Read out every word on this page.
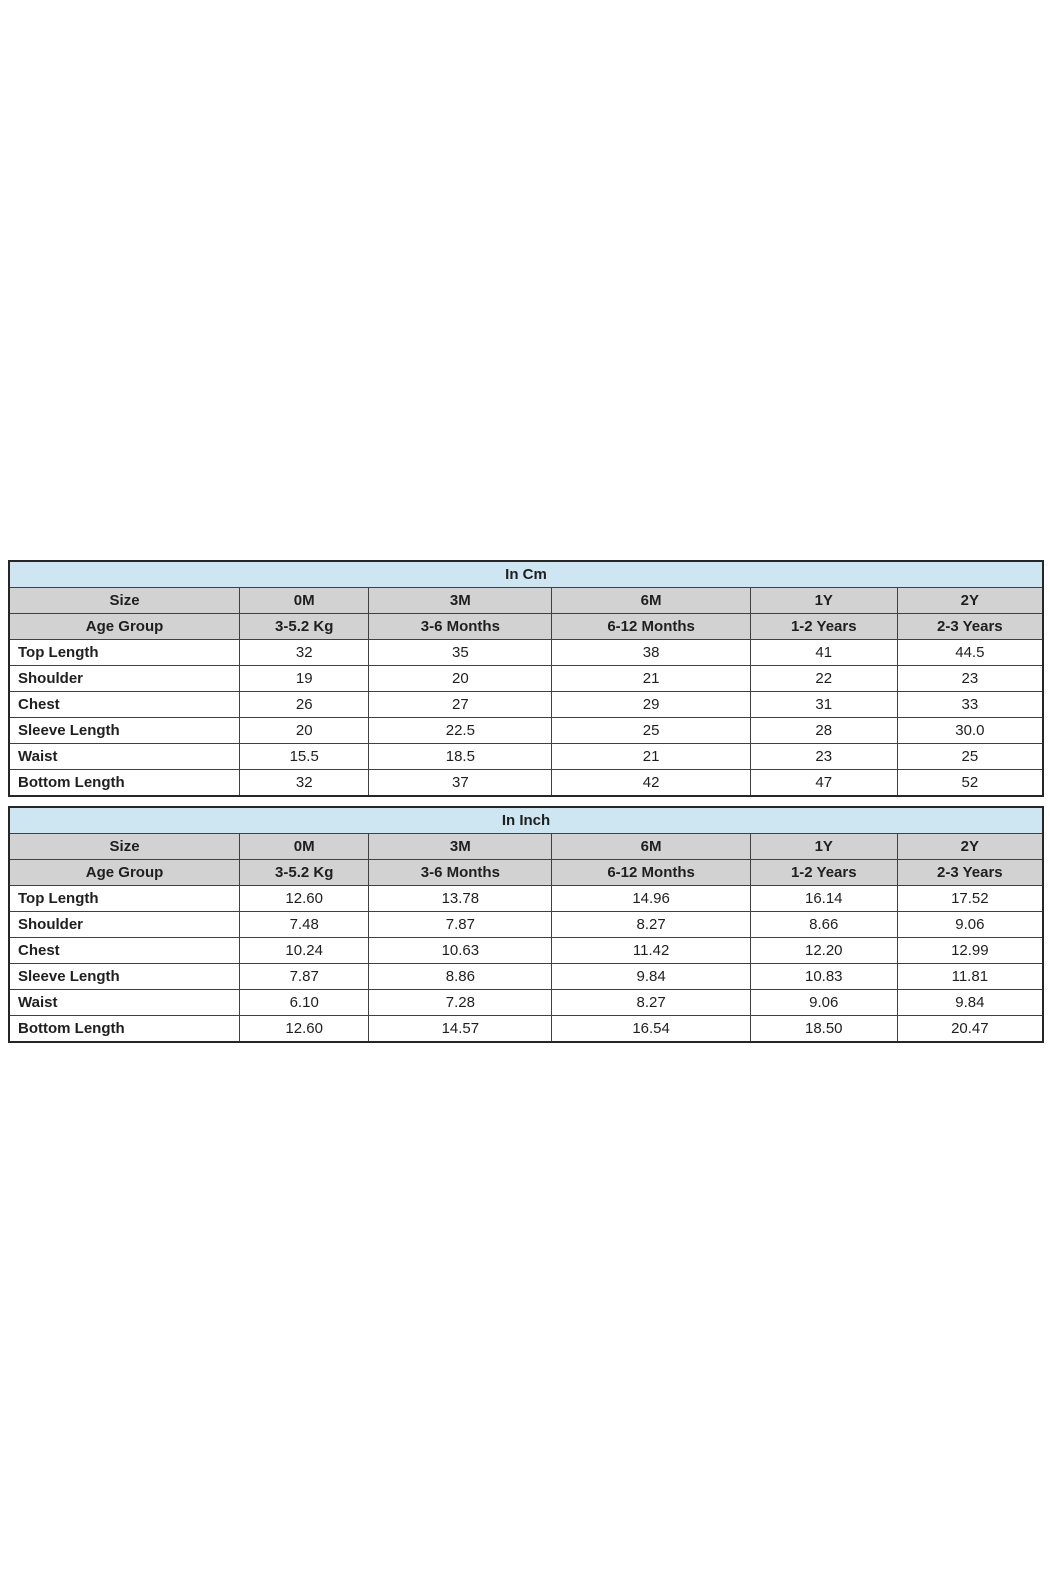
In Cm					
Size	0M	3M	6M	1Y	2Y
Age Group	3-5.2 Kg	3-6 Months	6-12 Months	1-2 Years	2-3 Years
Top Length	32	35	38	41	44.5
Shoulder	19	20	21	22	23
Chest	26	27	29	31	33
Sleeve Length	20	22.5	25	28	30.0
Waist	15.5	18.5	21	23	25
Bottom Length	32	37	42	47	52
In Inch					
Size	0M	3M	6M	1Y	2Y
Age Group	3-5.2 Kg	3-6 Months	6-12 Months	1-2 Years	2-3 Years
Top Length	12.60	13.78	14.96	16.14	17.52
Shoulder	7.48	7.87	8.27	8.66	9.06
Chest	10.24	10.63	11.42	12.20	12.99
Sleeve Length	7.87	8.86	9.84	10.83	11.81
Waist	6.10	7.28	8.27	9.06	9.84
Bottom Length	12.60	14.57	16.54	18.50	20.47
